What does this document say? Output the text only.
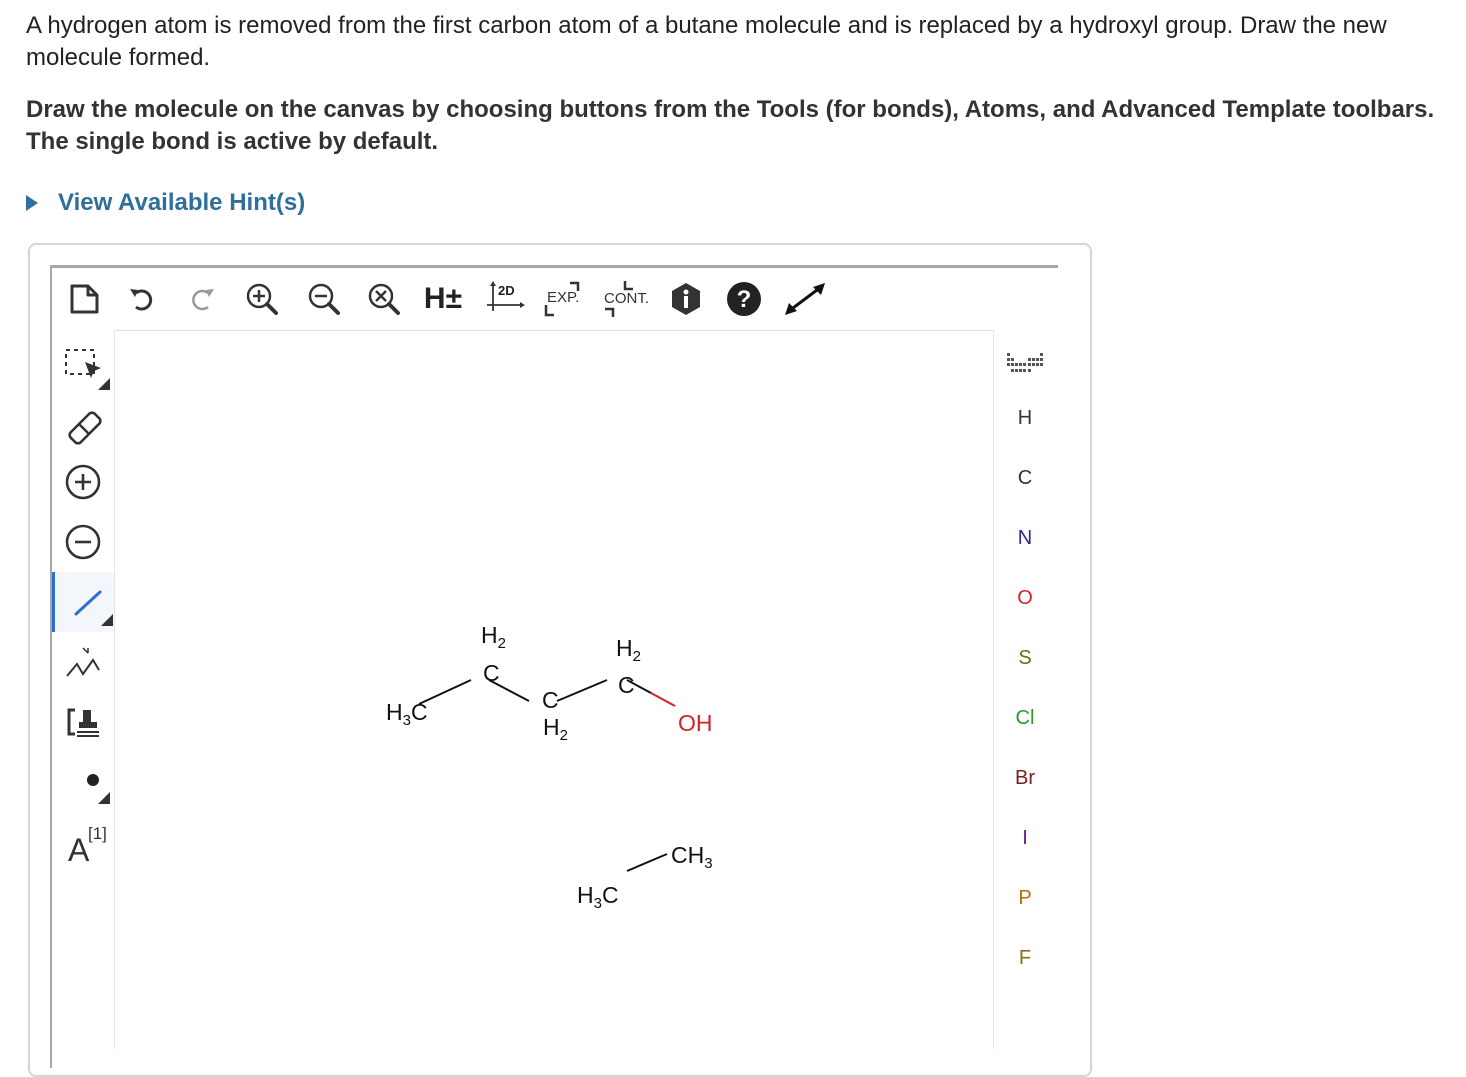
A hydrogen atom is removed from the first carbon atom of a butane molecule and is replaced by a hydroxyl group. Draw the new molecule formed.

Draw the molecule on the canvas by choosing buttons from the Tools (for bonds), Atoms, and Advanced Template toolbars. The single bond is active by default.

View Available Hint(s)
H±	2D EXP. CONT.	?
A
[1]
$H_3C$
$H_2$
C
C
$H_2$
$H_2$
C
OH
$H_3C$
$CH_3$
H
C
N
O
S
Cl
Br
I
P
F
